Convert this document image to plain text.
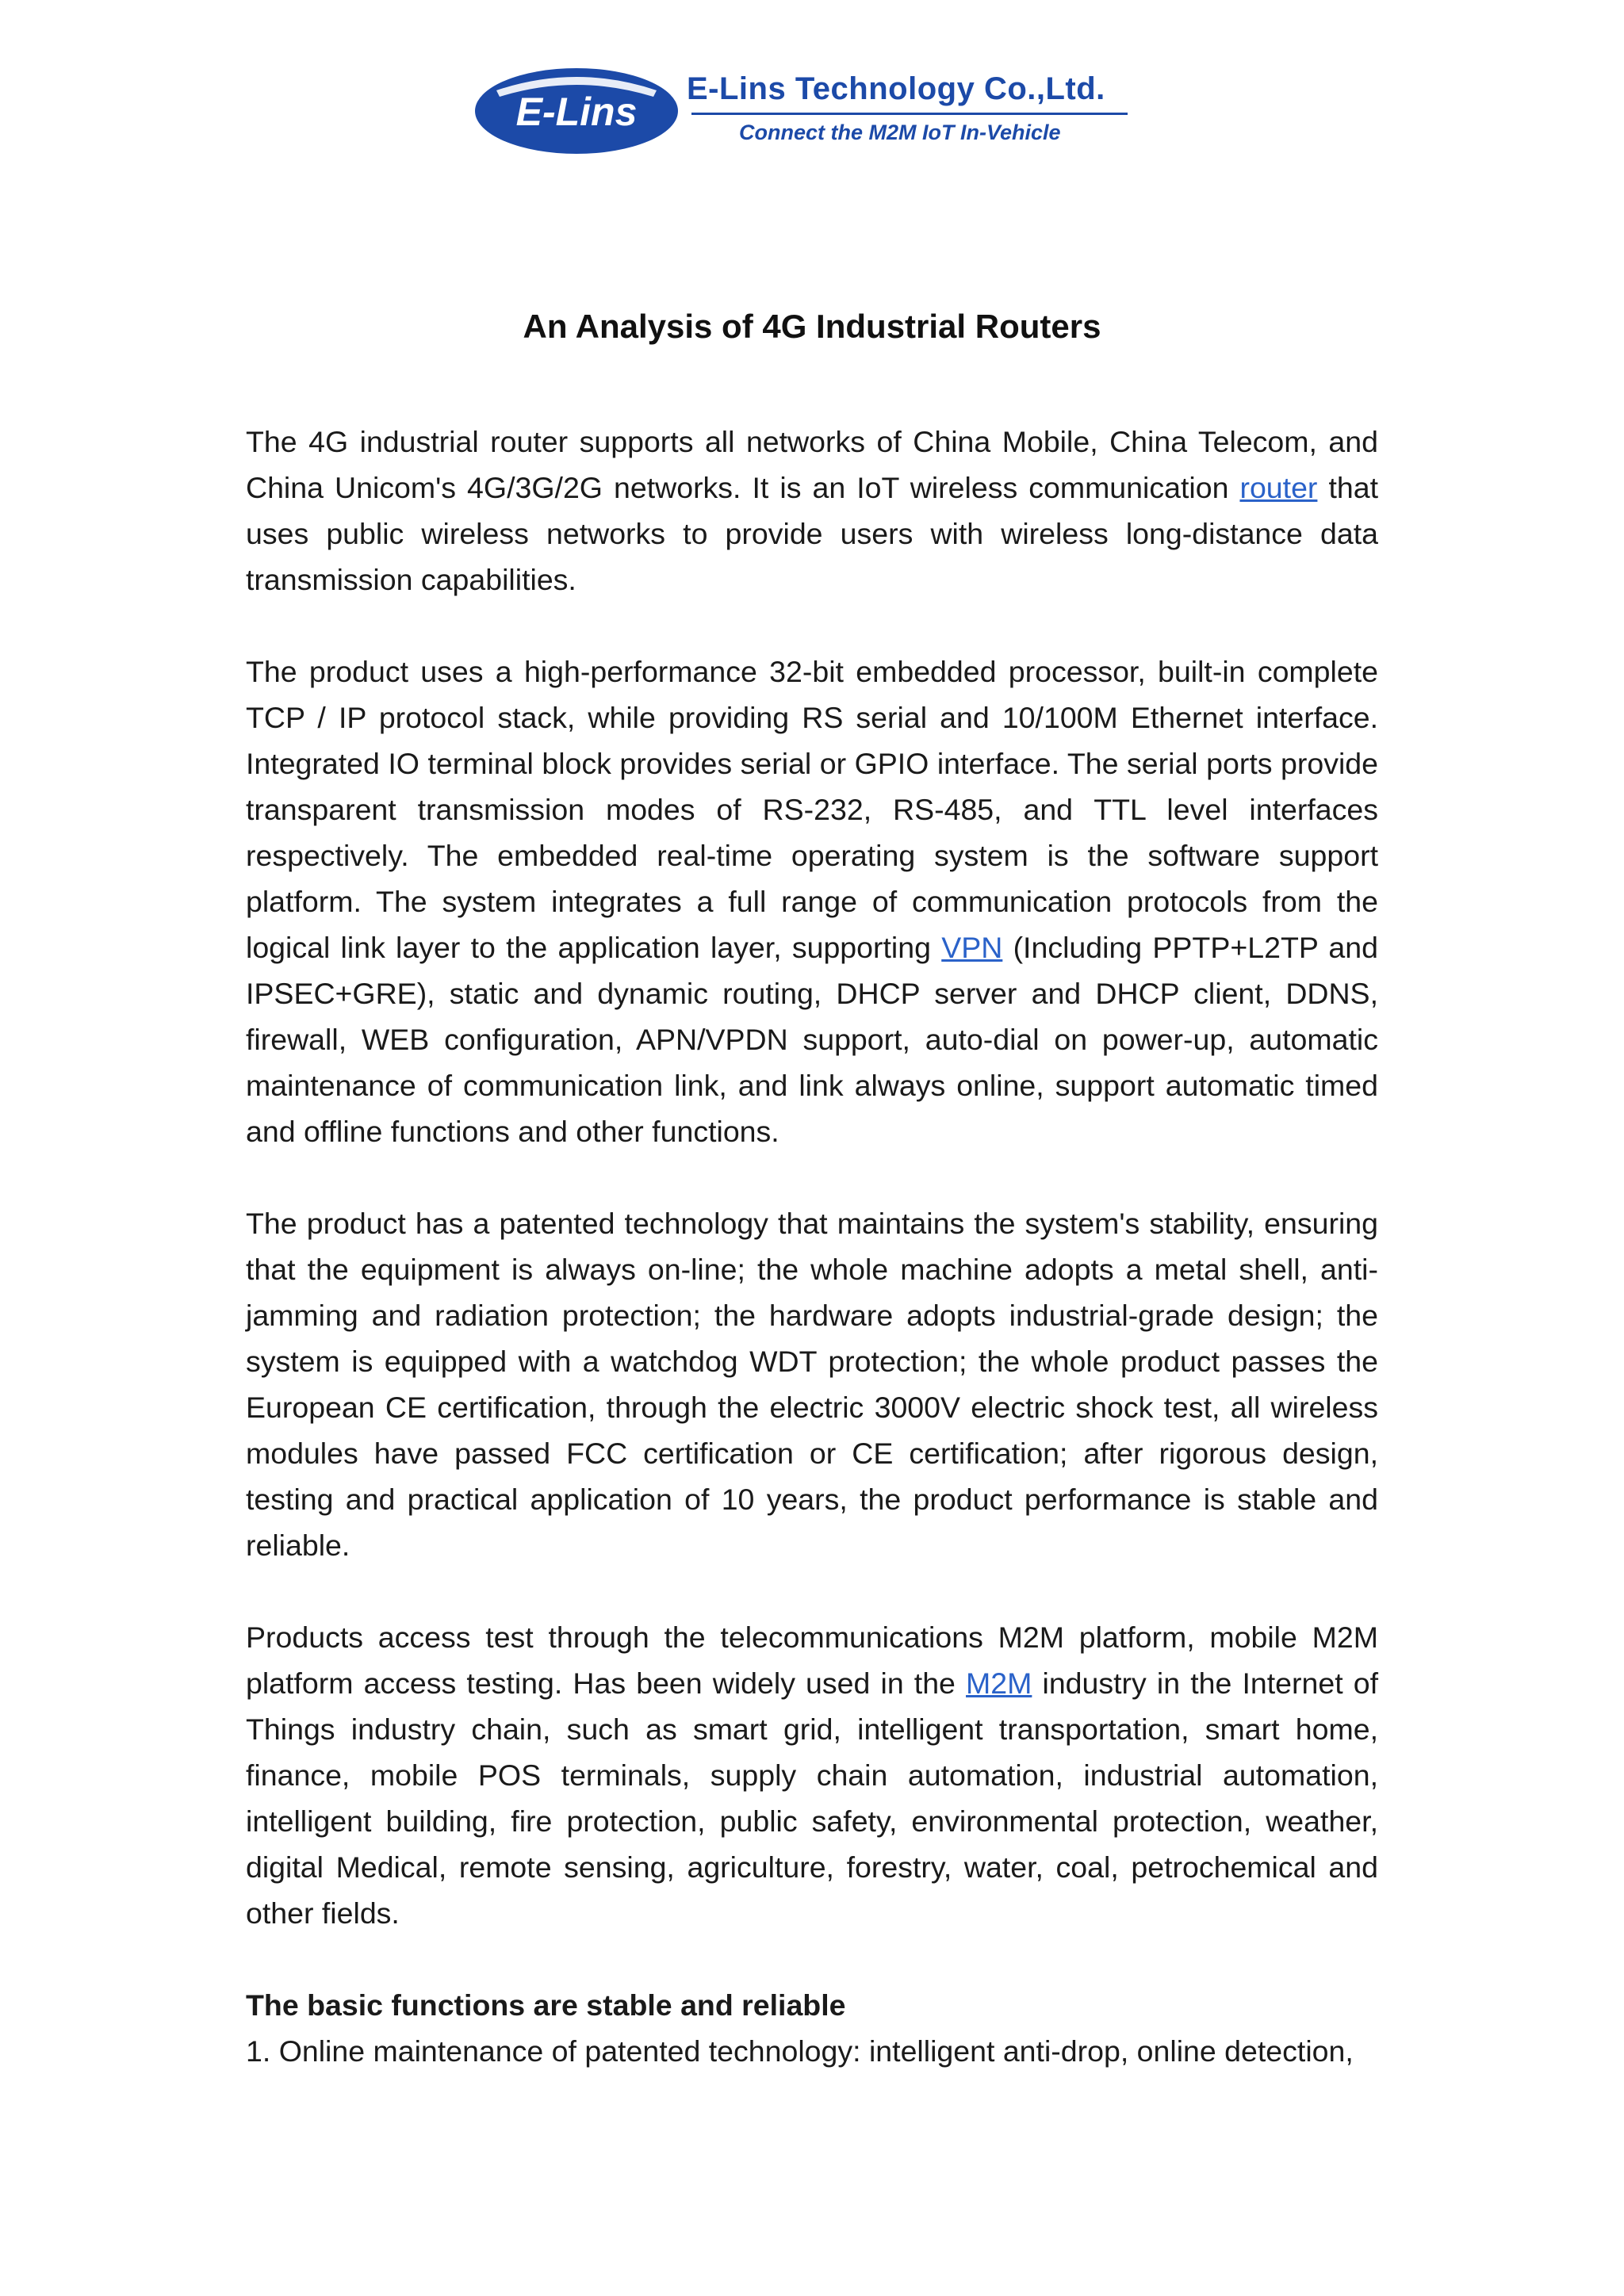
E-Lins
E-Lins Technology Co.,Ltd.
Connect the M2M IoT In-Vehicle
An Analysis of 4G Industrial Routers

The 4G industrial router supports all networks of China Mobile, China Telecom, and China Unicom's 4G/3G/2G networks. It is an IoT wireless communication router that uses public wireless networks to provide users with wireless long-distance data transmission capabilities.

The product uses a high-performance 32-bit embedded processor, built-in complete TCP / IP protocol stack, while providing RS serial and 10/100M Ethernet interface. Integrated IO terminal block provides serial or GPIO interface. The serial ports provide transparent transmission modes of RS-232, RS-485, and TTL level interfaces respectively. The embedded real-time operating system is the software support platform. The system integrates a full range of communication protocols from the logical link layer to the application layer, supporting VPN (Including PPTP+L2TP and IPSEC+GRE), static and dynamic routing, DHCP server and DHCP client, DDNS, firewall, WEB configuration, APN/VPDN support, auto-dial on power-up, automatic maintenance of communication link, and link always online, support automatic timed and offline functions and other functions.

The product has a patented technology that maintains the system's stability, ensuring that the equipment is always on-line; the whole machine adopts a metal shell, anti-jamming and radiation protection; the hardware adopts industrial-grade design; the system is equipped with a watchdog WDT protection; the whole product passes the European CE certification, through the electric 3000V electric shock test, all wireless modules have passed FCC certification or CE certification; after rigorous design, testing and practical application of 10 years, the product performance is stable and reliable.

Products access test through the telecommunications M2M platform, mobile M2M platform access testing. Has been widely used in the M2M industry in the Internet of Things industry chain, such as smart grid, intelligent transportation, smart home, finance, mobile POS terminals, supply chain automation, industrial automation, intelligent building, fire protection, public safety, environmental protection, weather, digital Medical, remote sensing, agriculture, forestry, water, coal, petrochemical and other fields.

The basic functions are stable and reliable

1. Online maintenance of patented technology: intelligent anti-drop, online detection,
